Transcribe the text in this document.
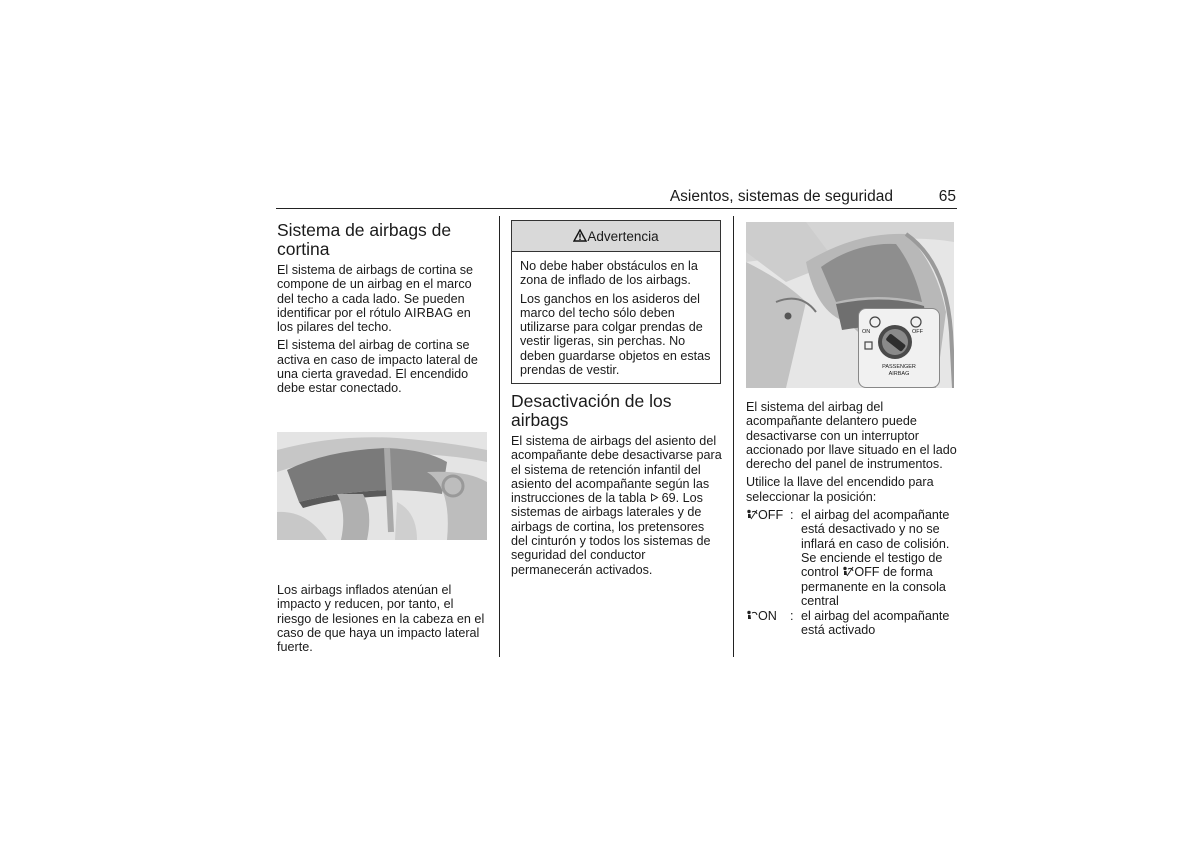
Asientos, sistemas de seguridad	65
Sistema de airbags de cortina

El sistema de airbags de cortina se compone de un airbag en el marco del techo a cada lado. Se pueden identificar por el rótulo AIRBAG en los pilares del techo.

El sistema del airbag de cortina se activa en caso de impacto lateral de una cierta gravedad. El encendido debe estar conectado.

Los airbags inflados atenúan el impacto y reducen, por tanto, el riesgo de lesiones en la cabeza en el caso de que haya un impacto lateral fuerte.

Advertencia

No debe haber obstáculos en la zona de inflado de los airbags.

Los ganchos en los asideros del marco del techo sólo deben utilizarse para colgar prendas de vestir ligeras, sin perchas. No deben guardarse objetos en estas prendas de vestir.

Desactivación de los airbags

El sistema de airbags del asiento del acompañante debe desactivarse para el sistema de retención infantil del asiento del acompañante según las instrucciones de la tabla 69. Los sistemas de airbags laterales y de airbags de cortina, los pretensores del cinturón y todos los sistemas de seguridad del conductor permanecerán activados.

ON	OFF
PASSENGER
AIRBAG

El sistema del airbag del acompañante delantero puede desactivarse con un interruptor accionado por llave situado en el lado derecho del panel de instrumentos.

Utilice la llave del encendido para seleccionar la posición:

OFF : el airbag del acompañante está desactivado y no se inflará en caso de colisión. Se enciende el testigo de control OFF de forma permanente en la consola central
ON	: el airbag del acompañante está activado
